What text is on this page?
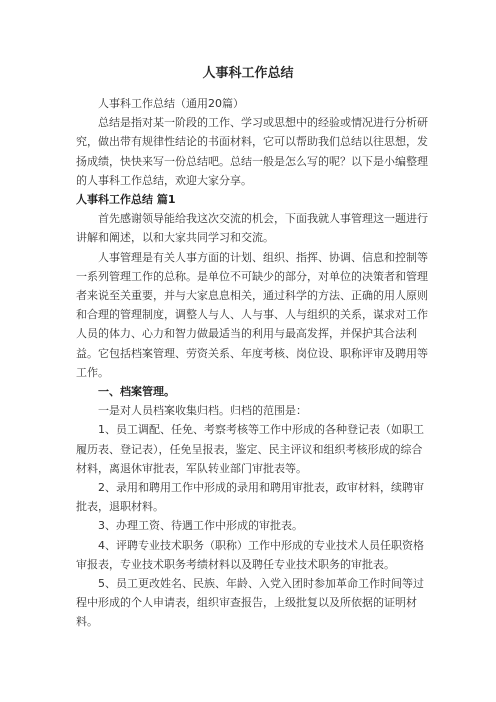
人事科工作总结

人事科工作总结（通用20篇）

总结是指对某一阶段的工作、学习或思想中的经验或情况进行分析研究，做出带有规律性结论的书面材料，它可以帮助我们总结以往思想，发扬成绩，快快来写一份总结吧。总结一般是怎么写的呢？以下是小编整理的人事科工作总结，欢迎大家分享。

人事科工作总结 篇1

首先感谢领导能给我这次交流的机会，下面我就人事管理这一题进行讲解和阐述，以和大家共同学习和交流。

人事管理是有关人事方面的计划、组织、指挥、协调、信息和控制等一系列管理工作的总称。是单位不可缺少的部分，对单位的决策者和管理者来说至关重要，并与大家息息相关，通过科学的方法、正确的用人原则和合理的管理制度，调整人与人、人与事、人与组织的关系，谋求对工作人员的体力、心力和智力做最适当的利用与最高发挥，并保护其合法利益。它包括档案管理、劳资关系、年度考核、岗位设、职称评审及聘用等工作。

一、档案管理。

一是对人员档案收集归档。归档的范围是：

1、员工调配、任免、考察考核等工作中形成的各种登记表（如职工履历表、登记表），任免呈报表，鉴定、民主评议和组织考核形成的综合材料，离退休审批表，军队转业部门审批表等。

2、录用和聘用工作中形成的录用和聘用审批表，政审材料，续聘审批表，退职材料。

3、办理工资、待遇工作中形成的审批表。

4、评聘专业技术职务（职称）工作中形成的专业技术人员任职资格审报表，专业技术职务考绩材料以及聘任专业技术职务的审批表。

5、员工更改姓名、民族、年龄、入党入团时参加革命工作时间等过程中形成的个人申请表，组织审查报告，上级批复以及所依据的证明材料。
